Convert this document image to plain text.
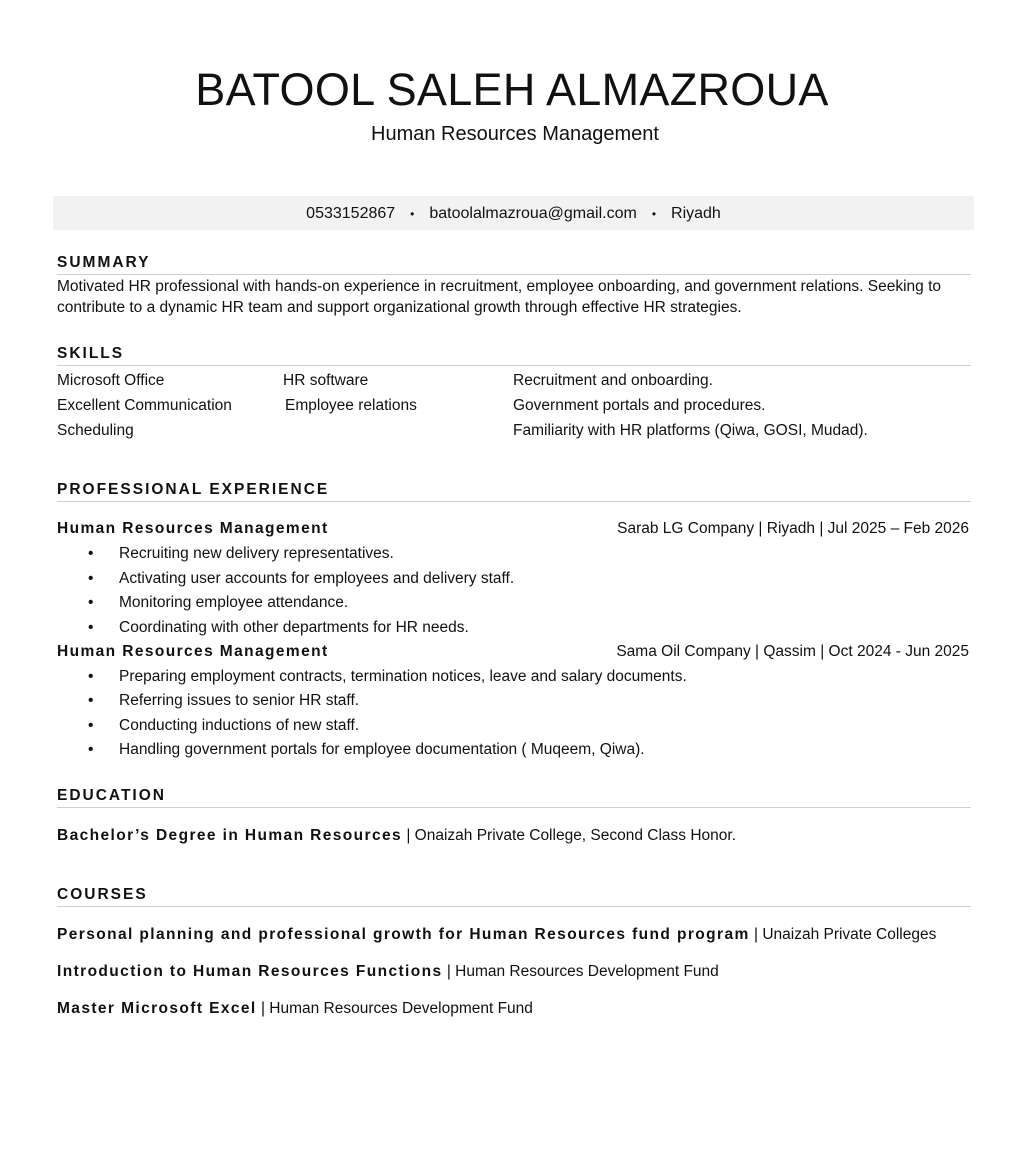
BATOOL SALEH ALMAZROUA
Human Resources Management
0533152867 • batoolalmazroua@gmail.com • Riyadh
SUMMARY
Motivated HR professional with hands-on experience in recruitment, employee onboarding, and government relations. Seeking to
contribute to a dynamic HR team and support organizational growth through effective HR strategies.
SKILLS
Microsoft Office
Excellent Communication
Scheduling
HR software
Employee relations
Recruitment and onboarding.
Government portals and procedures.
Familiarity with HR platforms (Qiwa, GOSI, Mudad).
PROFESSIONAL EXPERIENCE
Human Resources Management	Sarab LG Company | Riyadh | Jul 2025 – Feb 2026
• Recruiting new delivery representatives.
• Activating user accounts for employees and delivery staff.
• Monitoring employee attendance.
• Coordinating with other departments for HR needs.
Human Resources Management	Sama Oil Company | Qassim | Oct 2024 - Jun 2025
• Preparing employment contracts, termination notices, leave and salary documents.
• Referring issues to senior HR staff.
• Conducting inductions of new staff.
• Handling government portals for employee documentation ( Muqeem, Qiwa).
EDUCATION
Bachelor’s Degree in Human Resources | Onaizah Private College, Second Class Honor.
COURSES
Personal planning and professional growth for Human Resources fund program | Unaizah Private Colleges
Introduction to Human Resources Functions | Human Resources Development Fund
Master Microsoft Excel | Human Resources Development Fund
